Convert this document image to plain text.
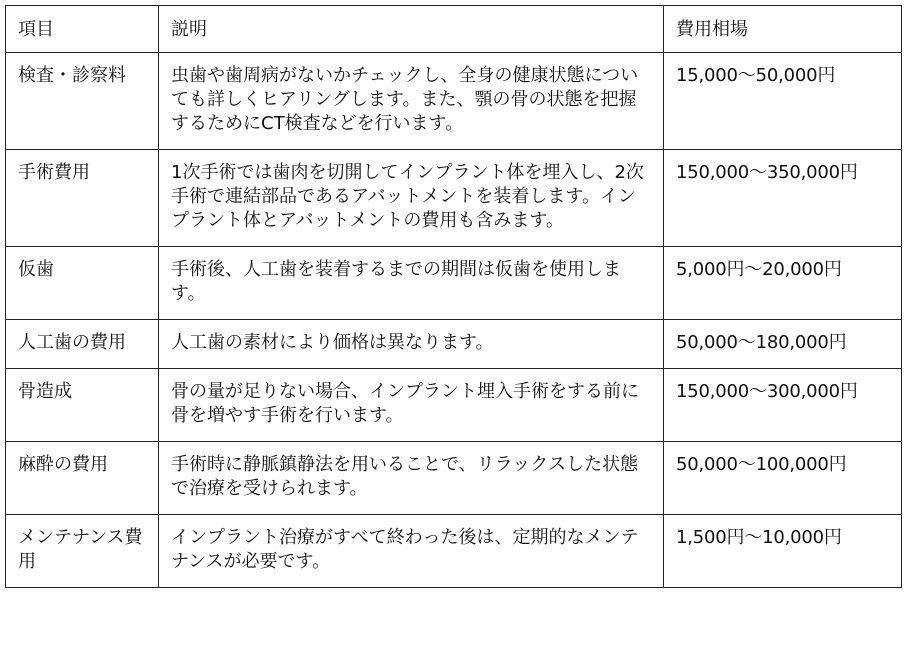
項目	説明	費用相場
検査・診察料	虫歯や歯周病がないかチェックし、全身の健康状態についても詳しくヒアリングします。また、顎の骨の状態を把握するためにCT検査などを行います。	15,000～50,000円
手術費用	1次手術では歯肉を切開してインプラント体を埋入し、2次手術で連結部品であるアバットメントを装着します。インプラント体とアバットメントの費用も含みます。	150,000～350,000円
仮歯	手術後、人工歯を装着するまでの期間は仮歯を使用します。	5,000円～20,000円
人工歯の費用	人工歯の素材により価格は異なります。	50,000～180,000円
骨造成	骨の量が足りない場合、インプラント埋入手術をする前に骨を増やす手術を行います。	150,000～300,000円
麻酔の費用	手術時に静脈鎮静法を用いることで、リラックスした状態で治療を受けられます。	50,000～100,000円
メンテナンス費用	インプラント治療がすべて終わった後は、定期的なメンテナンスが必要です。	1,500円～10,000円
